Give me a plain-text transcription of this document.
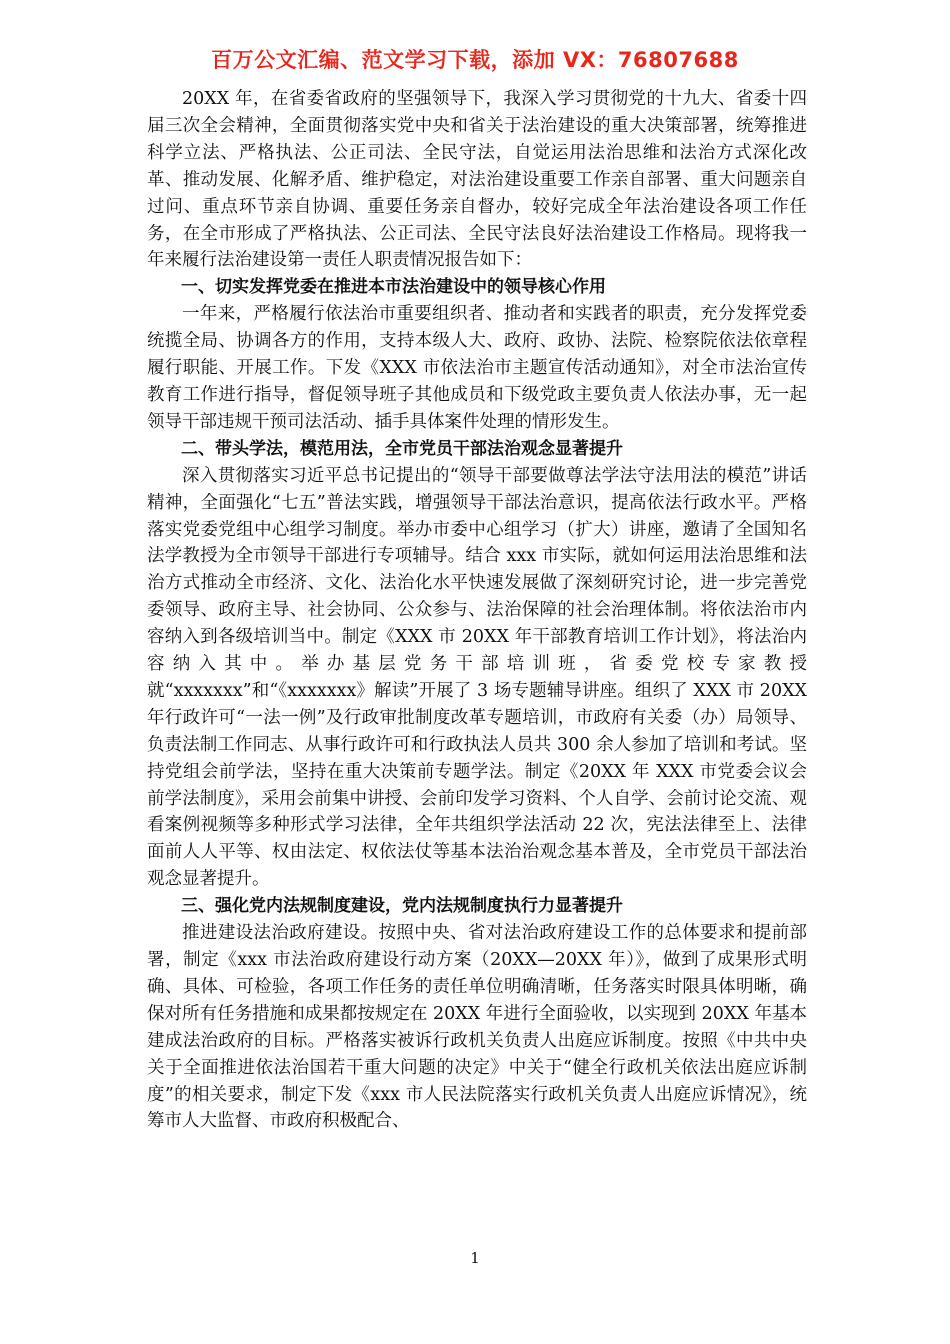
百万公文汇编、范文学习下载，添加 VX：76807688

20XX 年，在省委省政府的坚强领导下，我深入学习贯彻党的十九大、省委十四届三次全会精神，全面贯彻落实党中央和省关于法治建设的重大决策部署，统筹推进科学立法、严格执法、公正司法、全民守法，自觉运用法治思维和法治方式深化改革、推动发展、化解矛盾、维护稳定，对法治建设重要工作亲自部署、重大问题亲自过问、重点环节亲自协调、重要任务亲自督办，较好完成全年法治建设各项工作任务，在全市形成了严格执法、公正司法、全民守法良好法治建设工作格局。现将我一年来履行法治建设第一责任人职责情况报告如下：

一、切实发挥党委在推进本市法治建设中的领导核心作用

一年来，严格履行依法治市重要组织者、推动者和实践者的职责，充分发挥党委统揽全局、协调各方的作用，支持本级人大、政府、政协、法院、检察院依法依章程履行职能、开展工作。下发《XXX 市依法治市主题宣传活动通知》，对全市法治宣传教育工作进行指导，督促领导班子其他成员和下级党政主要负责人依法办事，无一起领导干部违规干预司法活动、插手具体案件处理的情形发生。

二、带头学法，模范用法，全市党员干部法治观念显著提升

深入贯彻落实习近平总书记提出的“领导干部要做尊法学法守法用法的模范”讲话精神，全面强化“七五”普法实践，增强领导干部法治意识，提高依法行政水平。严格落实党委党组中心组学习制度。举办市委中心组学习（扩大）讲座，邀请了全国知名法学教授为全市领导干部进行专项辅导。结合 xxx 市实际，就如何运用法治思维和法治方式推动全市经济、文化、法治化水平快速发展做了深刻研究讨论，进一步完善党委领导、政府主导、社会协同、公众参与、法治保障的社会治理体制。将依法治市内容纳入到各级培训当中。制定《XXX 市 20XX 年干部教育培训工作计划》，将法治内容纳入其中。举办基层党务干部培训班，省委党校专家教授就“xxxxxxx”和“《xxxxxxx》解读”开展了 3 场专题辅导讲座。组织了 XXX 市 20XX 年行政许可“一法一例”及行政审批制度改革专题培训，市政府有关委（办）局领导、负责法制工作同志、从事行政许可和行政执法人员共 300 余人参加了培训和考试。坚持党组会前学法，坚持在重大决策前专题学法。制定《20XX 年 XXX 市党委会议会前学法制度》，采用会前集中讲授、会前印发学习资料、个人自学、会前讨论交流、观看案例视频等多种形式学习法律，全年共组织学法活动 22 次，宪法法律至上、法律面前人人平等、权由法定、权依法仗等基本法治治观念基本普及，全市党员干部法治观念显著提升。

三、强化党内法规制度建设，党内法规制度执行力显著提升

推进建设法治政府建设。按照中央、省对法治政府建设工作的总体要求和提前部署，制定《xxx 市法治政府建设行动方案（20XX—20XX 年）》，做到了成果形式明确、具体、可检验，各项工作任务的责任单位明确清晰，任务落实时限具体明晰，确保对所有任务措施和成果都按规定在 20XX 年进行全面验收，以实现到 20XX 年基本建成法治政府的目标。严格落实被诉行政机关负责人出庭应诉制度。按照《中共中央关于全面推进依法治国若干重大问题的决定》中关于“健全行政机关依法出庭应诉制度”的相关要求，制定下发《xxx 市人民法院落实行政机关负责人出庭应诉情况》，统筹市人大监督、市政府积极配合、

1
